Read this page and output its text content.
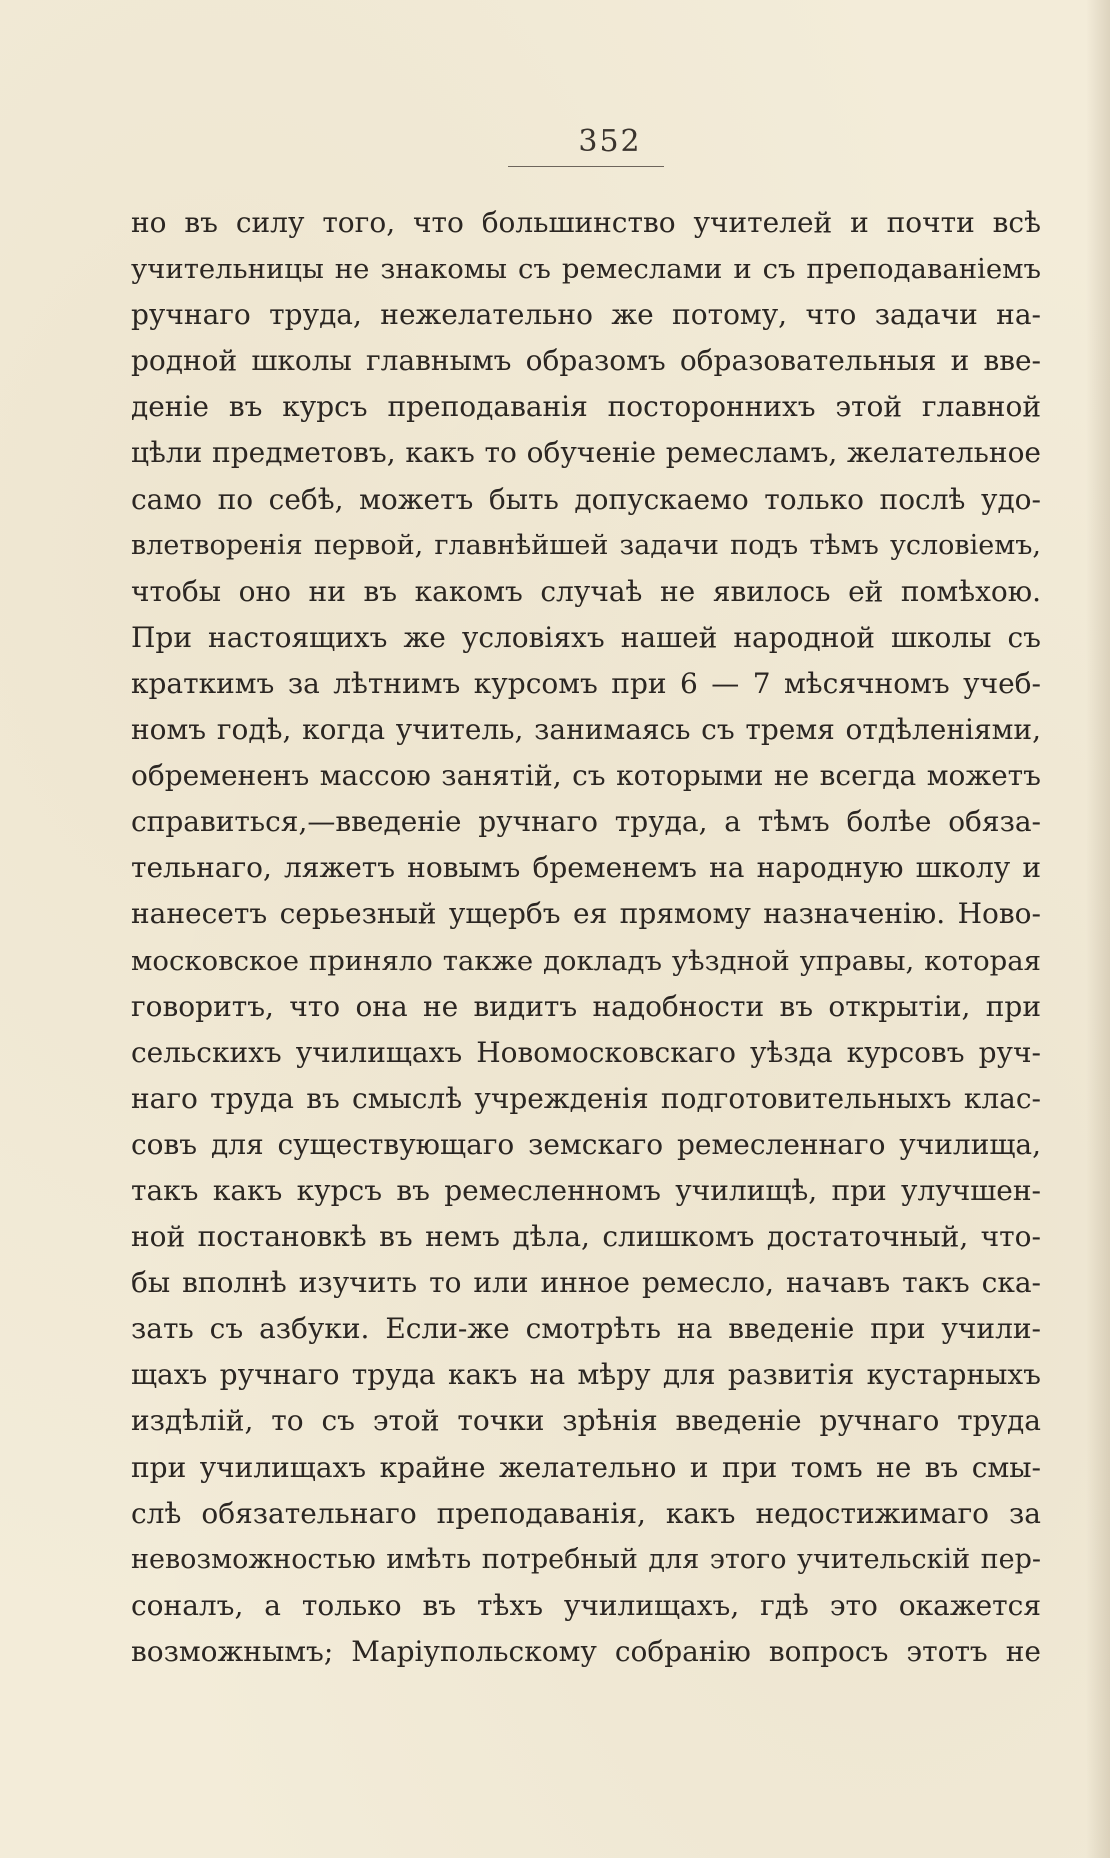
352
но въ силу того, что большинство учителей и почти всѣ
учительницы не знакомы съ ремеслами и съ преподаваніемъ
ручнаго труда, нежелательно же потому, что задачи на-
родной школы главнымъ образомъ образовательныя и вве-
деніе въ курсъ преподаванія постороннихъ этой главной
цѣли предметовъ, какъ то обученіе ремесламъ, желательное
само по себѣ, можетъ быть допускаемо только послѣ удо-
влетворенія первой, главнѣйшей задачи подъ тѣмъ условіемъ,
чтобы оно ни въ какомъ случаѣ не явилось ей помѣхою.
При настоящихъ же условіяхъ нашей народной школы съ
краткимъ за лѣтнимъ курсомъ при 6 — 7 мѣсячномъ учеб-
номъ годѣ, когда учитель, занимаясь съ тремя отдѣленіями,
обремененъ массою занятій, съ которыми не всегда можетъ
справиться,—введеніе ручнаго труда, а тѣмъ болѣе обяза-
тельнаго, ляжетъ новымъ бременемъ на народную школу и
нанесетъ серьезный ущербъ ея прямому назначенію. Ново-
московское приняло также докладъ уѣздной управы, которая
говоритъ, что она не видитъ надобности въ открытіи, при
сельскихъ училищахъ Новомосковскаго уѣзда курсовъ руч-
наго труда въ смыслѣ учрежденія подготовительныхъ клас-
совъ для существующаго земскаго ремесленнаго училища,
такъ какъ курсъ въ ремесленномъ училищѣ, при улучшен-
ной постановкѣ въ немъ дѣла, слишкомъ достаточный, что-
бы вполнѣ изучить то или инное ремесло, начавъ такъ ска-
зать съ азбуки. Если-же смотрѣть на введеніе при учили-
щахъ ручнаго труда какъ на мѣру для развитія кустарныхъ
издѣлій, то съ этой точки зрѣнія введеніе ручнаго труда
при училищахъ крайне желательно и при томъ не въ смы-
слѣ обязательнаго преподаванія, какъ недостижимаго за
невозможностью имѣть потребный для этого учительскій пер-
соналъ, а только въ тѣхъ училищахъ, гдѣ это окажется
возможнымъ; Маріупольскому собранію вопросъ этотъ не
